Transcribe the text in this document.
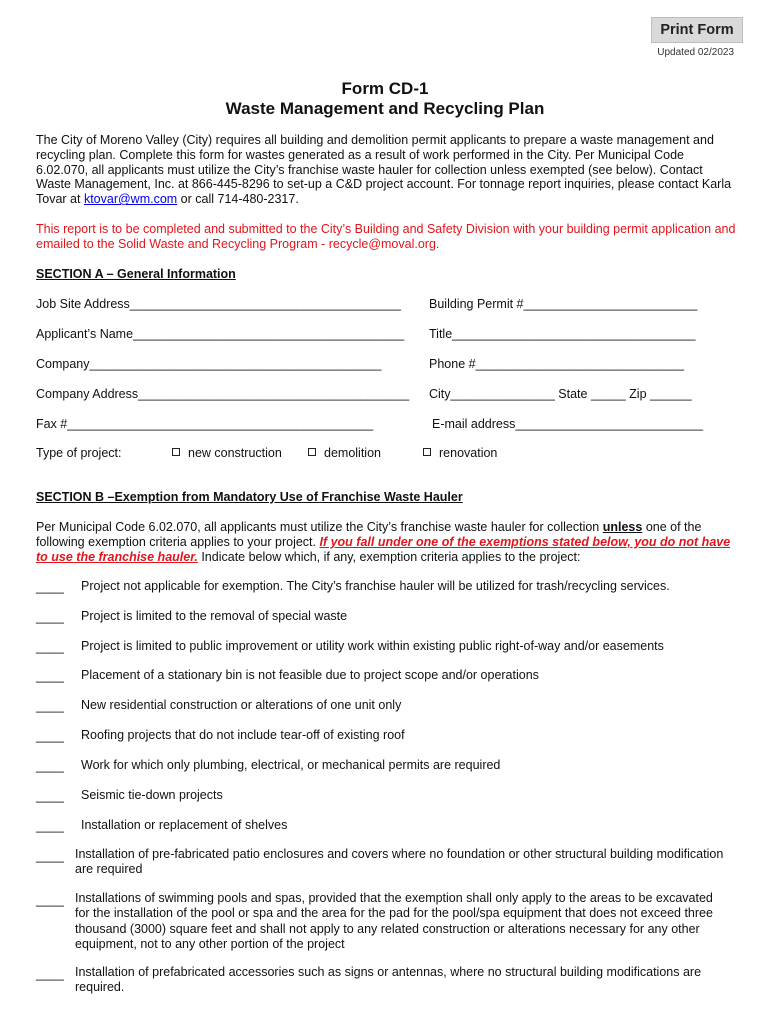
Print Form
Updated 02/2023
Form CD-1
Waste Management and Recycling Plan

The City of Moreno Valley (City) requires all building and demolition permit applicants to prepare a waste management and recycling plan. Complete this form for wastes generated as a result of work performed in the City. Per Municipal Code 6.02.070, all applicants must utilize the City’s franchise waste hauler for collection unless exempted (see below). Contact Waste Management, Inc. at 866-445-8296 to set-up a C&D project account. For tonnage report inquiries, please contact Karla Tovar at ktovar@wm.com or call 714-480-2317.

This report is to be completed and submitted to the City’s Building and Safety Division with your building permit application and emailed to the Solid Waste and Recycling Program - recycle@moval.org.

SECTION A – General Information
Job Site Address_______________________________________ Building Permit #_________________________
Applicant’s Name_______________________________________ Title___________________________________
Company__________________________________________	Phone #______________________________
Company Address_______________________________________ City_______________ State _____ Zip ______
Fax #____________________________________________	E-mail address___________________________
Type of project:	new construction	demolition	renovation
SECTION B –Exemption from Mandatory Use of Franchise Waste Hauler

Per Municipal Code 6.02.070, all applicants must utilize the City’s franchise waste hauler for collection unless one of the following exemption criteria applies to your project. If you fall under one of the exemptions stated below, you do not have to use the franchise hauler. Indicate below which, if any, exemption criteria applies to the project:

____ Project not applicable for exemption. The City’s franchise hauler will be utilized for trash/recycling services.
____ Project is limited to the removal of special waste
____ Project is limited to public improvement or utility work within existing public right-of-way and/or easements
____ Placement of a stationary bin is not feasible due to project scope and/or operations
____ New residential construction or alterations of one unit only
____ Roofing projects that do not include tear-off of existing roof
____ Work for which only plumbing, electrical, or mechanical permits are required
____ Seismic tie-down projects
____ Installation or replacement of shelves
____ Installation of pre-fabricated patio enclosures and covers where no foundation or other structural building modification are required
____ Installations of swimming pools and spas, provided that the exemption shall only apply to the areas to be excavated for the installation of the pool or spa and the area for the pad for the pool/spa equipment that does not exceed three thousand (3000) square feet and shall not apply to any related construction or alterations necessary for any other equipment, not to any other portion of the project
____ Installation of prefabricated accessories such as signs or antennas, where no structural building modifications are required.
